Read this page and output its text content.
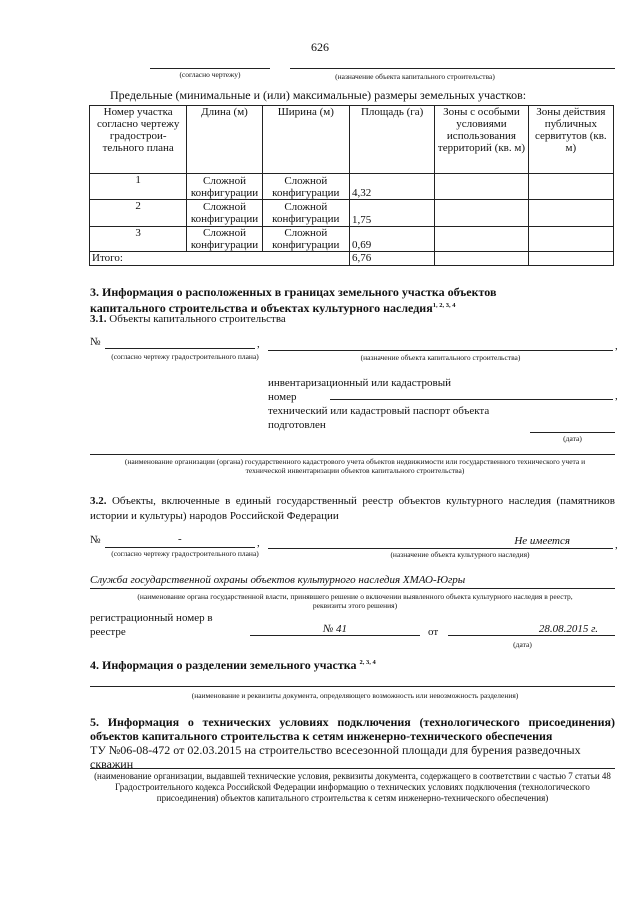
626
(согласно чертежу)	(назначение объекта капитального строительства)
Предельные (минимальные и (или) максимальные) размеры земельных участков:
Номер участка согласно чертежу градострои-тельного плана	Длина (м)	Ширина (м)	Площадь (га)	Зоны с особыми условиями использования территорий (кв. м)	Зоны действия публичных сервитутов (кв. м)
1	Сложной конфигурации	Сложной конфигурации	4,32		
2	Сложной конфигурации	Сложной конфигурации	1,75		
3	Сложной конфигурации	Сложной конфигурации	0,69		
Итого:			6,76		
3. Информация о расположенных в границах земельного участка объектов капитального строительства и объектах культурного наследия$^{1, 2, 3, 4}$
3.1. Объекты капитального строительства
№	,	,
(согласно чертежу градостроительного плана)	(назначение объекта капитального строительства)
инвентаризационный или кадастровый номер	,
технический или кадастровый паспорт объекта подготовлен
(дата)
(наименование организации (органа) государственного кадастрового учета объектов недвижимости или государственного технического учета и технической инвентаризации объектов капитального строительства)
3.2. Объекты, включенные в единый государственный реестр объектов культурного наследия (памятников истории и культуры) народов Российской Федерации
№	-	,	Не имеется	,
(согласно чертежу градостроительного плана)	(назначение объекта культурного наследия)
Служба государственной охраны объектов культурного наследия ХМАО-Югры
(наименование органа государственной власти, принявшего решение о включении выявленного объекта культурного наследия в реестр, реквизиты этого решения)
регистрационный номер в реестре	№ 41	от	28.08.2015 г.
(дата)
4. Информация о разделении земельного участка $^{2, 3, 4}$
(наименование и реквизиты документа, определяющего возможность или невозможность разделения)
5. Информация о технических условиях подключения (технологического присоединения) объектов капитального строительства к сетям инженерно-технического обеспечения
ТУ №06-08-472 от 02.03.2015 на строительство всесезонной площади для бурения разведочных скважин
(наименование организации, выдавшей технические условия, реквизиты документа, содержащего в соответствии с частью 7 статьи 48 Градостроительного кодекса Российской Федерации информацию о технических условиях подключения (технологического присоединения) объектов капитального строительства к сетям инженерно-технического обеспечения)
